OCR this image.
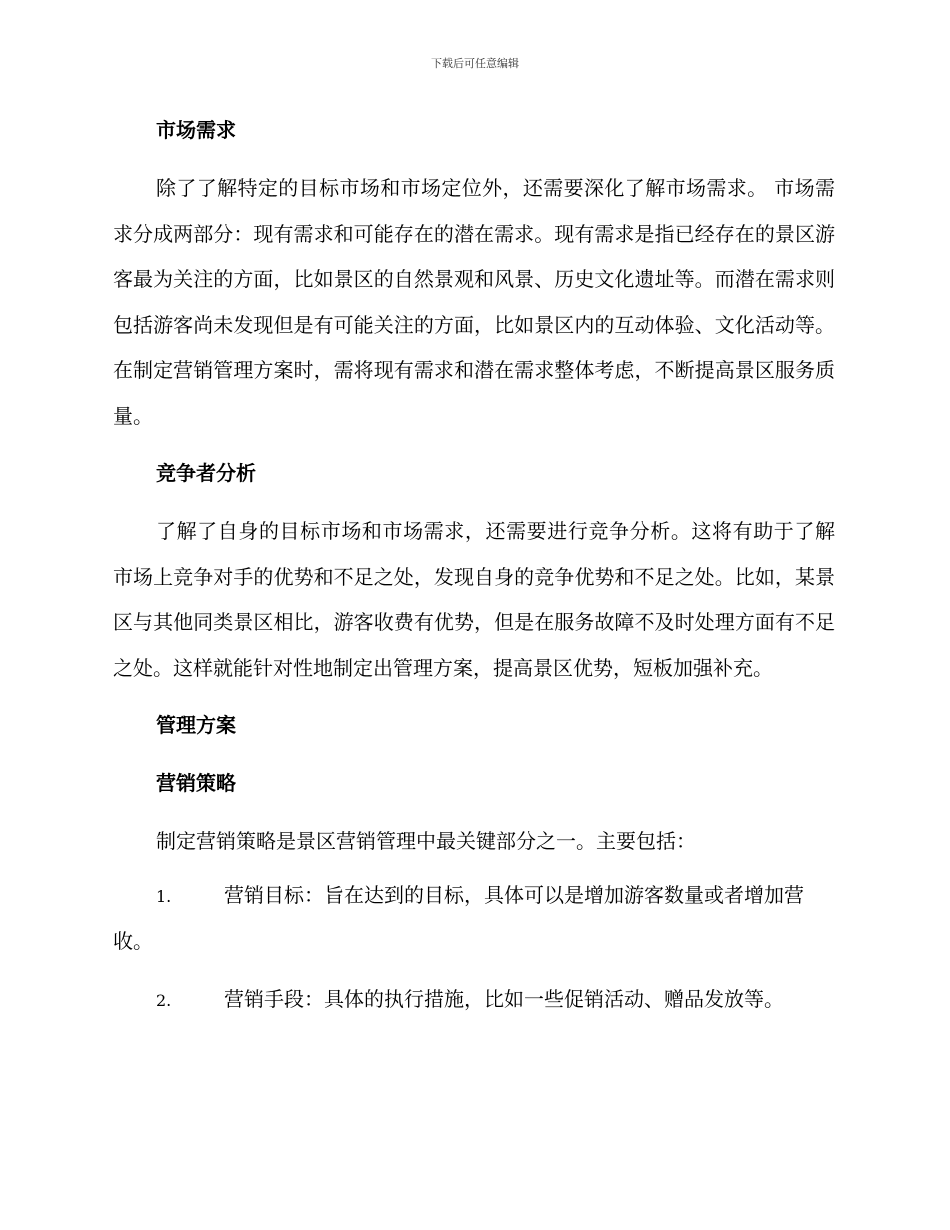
下载后可任意编辑
市场需求
除了了解特定的目标市场和市场定位外，还需要深化了解市场需求。 市场需求分成两部分：现有需求和可能存在的潜在需求。现有需求是指已经存在的景区游客最为关注的方面，比如景区的自然景观和风景、历史文化遗址等。而潜在需求则包括游客尚未发现但是有可能关注的方面，比如景区内的互动体验、文化活动等。在制定营销管理方案时，需将现有需求和潜在需求整体考虑，不断提高景区服务质量。
竞争者分析
了解了自身的目标市场和市场需求，还需要进行竞争分析。这将有助于了解市场上竞争对手的优势和不足之处，发现自身的竞争优势和不足之处。比如，某景区与其他同类景区相比，游客收费有优势，但是在服务故障不及时处理方面有不足之处。这样就能针对性地制定出管理方案，提高景区优势，短板加强补充。
管理方案
营销策略
制定营销策略是景区营销管理中最关键部分之一。主要包括：
1.	营销目标：旨在达到的目标，具体可以是增加游客数量或者增加营收。
2.	营销手段：具体的执行措施，比如一些促销活动、赠品发放等。
